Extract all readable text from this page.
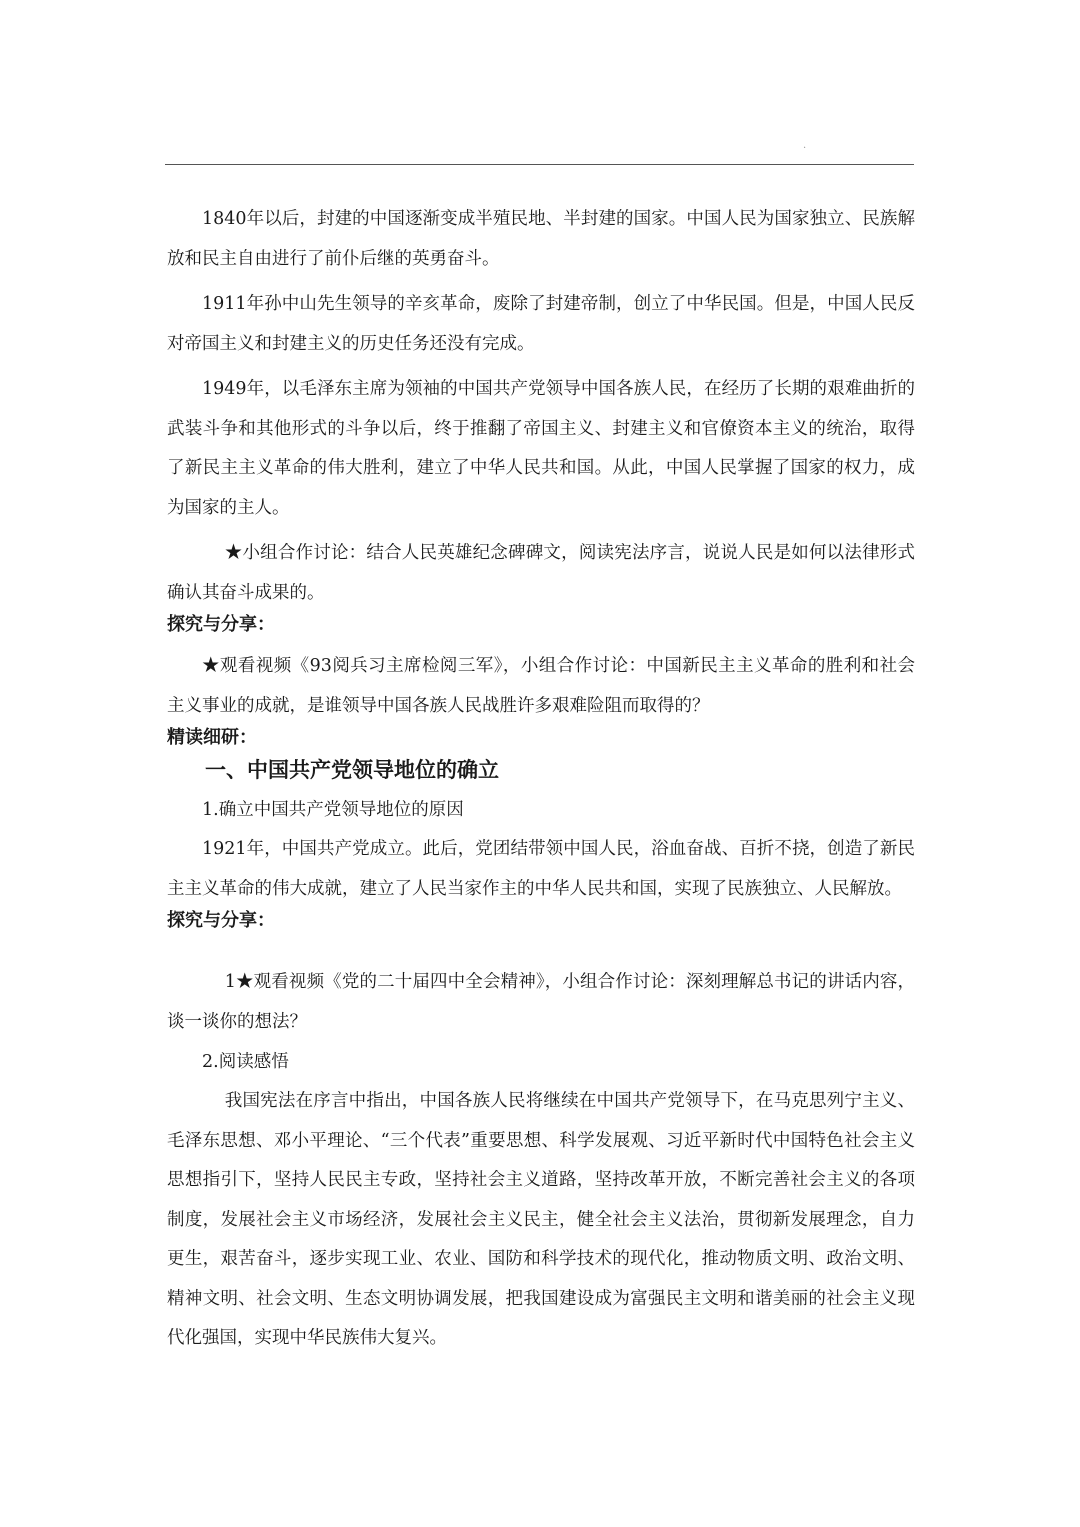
.

1840年以后，封建的中国逐渐变成半殖民地、半封建的国家。中国人民为国家独立、民族解放和民主自由进行了前仆后继的英勇奋斗。

1911年孙中山先生领导的辛亥革命，废除了封建帝制，创立了中华民国。但是，中国人民反对帝国主义和封建主义的历史任务还没有完成。

1949年，以毛泽东主席为领袖的中国共产党领导中国各族人民，在经历了长期的艰难曲折的武装斗争和其他形式的斗争以后，终于推翻了帝国主义、封建主义和官僚资本主义的统治，取得了新民主主义革命的伟大胜利，建立了中华人民共和国。从此，中国人民掌握了国家的权力，成为国家的主人。

★小组合作讨论：结合人民英雄纪念碑碑文，阅读宪法序言，说说人民是如何以法律形式确认其奋斗成果的。

探究与分享：

★观看视频《93阅兵习主席检阅三军》，小组合作讨论：中国新民主主义革命的胜利和社会主义事业的成就，是谁领导中国各族人民战胜许多艰难险阻而取得的？

精读细研：
一、中国共产党领导地位的确立
1.确立中国共产党领导地位的原因

1921年，中国共产党成立。此后，党团结带领中国人民，浴血奋战、百折不挠，创造了新民主主义革命的伟大成就，建立了人民当家作主的中华人民共和国，实现了民族独立、人民解放。

探究与分享：

1★观看视频《党的二十届四中全会精神》，小组合作讨论：深刻理解总书记的讲话内容，谈一谈你的想法？

2.阅读感悟

我国宪法在序言中指出，中国各族人民将继续在中国共产党领导下，在马克思列宁主义、毛泽东思想、邓小平理论、“三个代表”重要思想、科学发展观、习近平新时代中国特色社会主义思想指引下，坚持人民民主专政，坚持社会主义道路，坚持改革开放，不断完善社会主义的各项制度，发展社会主义市场经济，发展社会主义民主，健全社会主义法治，贯彻新发展理念，自力更生，艰苦奋斗，逐步实现工业、农业、国防和科学技术的现代化，推动物质文明、政治文明、精神文明、社会文明、生态文明协调发展，把我国建设成为富强民主文明和谐美丽的社会主义现代化强国，实现中华民族伟大复兴。
